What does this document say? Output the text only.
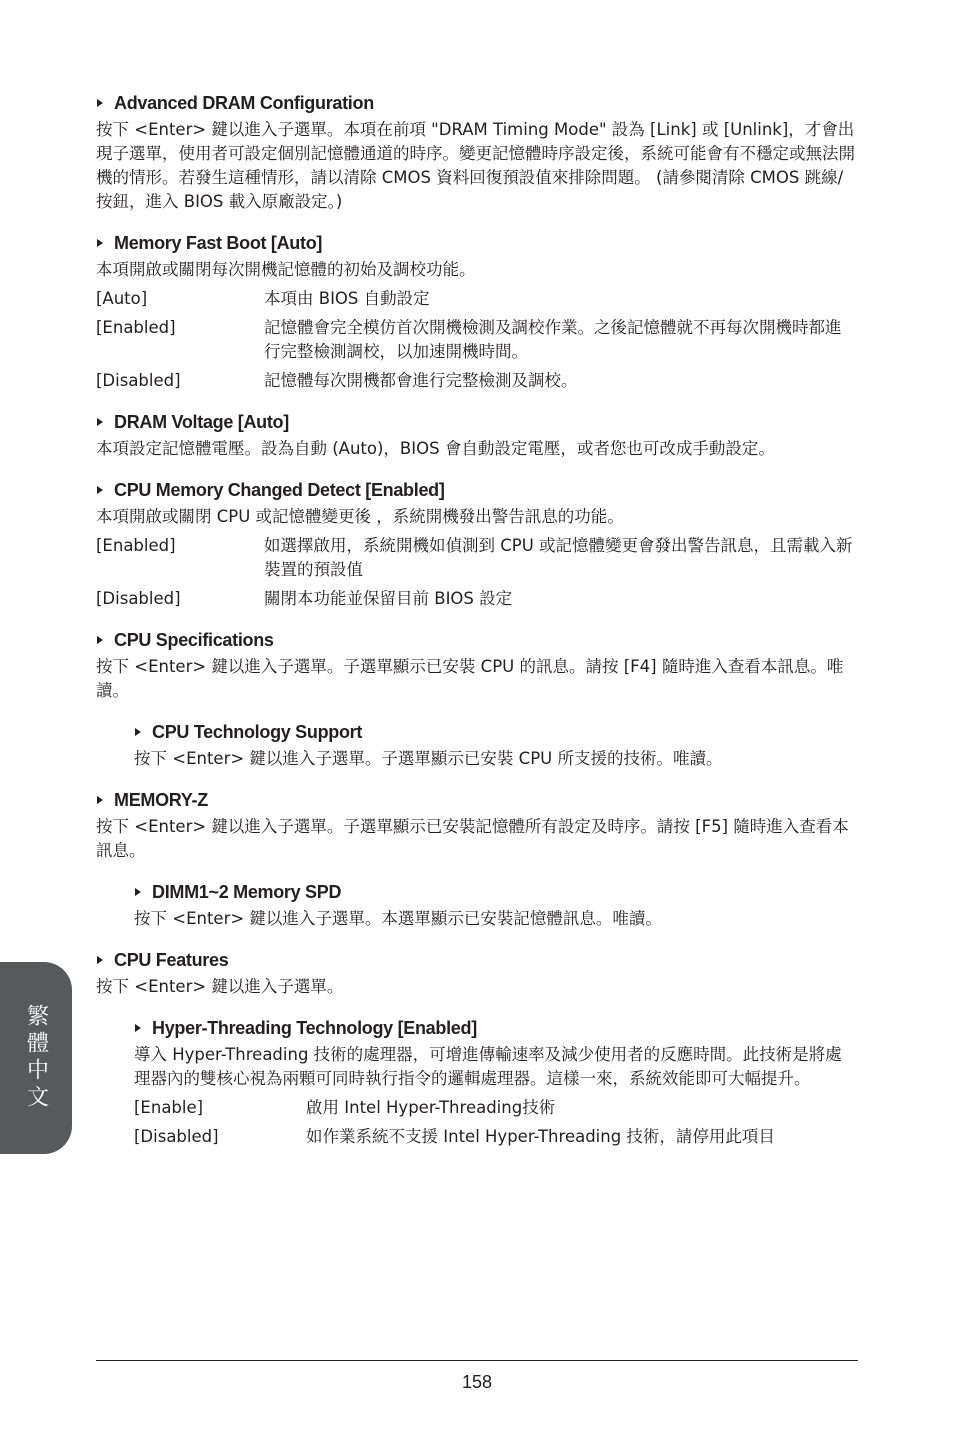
繁體中文
Advanced DRAM Configuration
按下 <Enter> 鍵以進入子選單。本項在前項 "DRAM Timing Mode" 設為 [Link] 或 [Unlink]，才會出現子選單，使用者可設定個別記憶體通道的時序。變更記憶體時序設定後，系統可能會有不穩定或無法開機的情形。若發生這種情形，請以清除 CMOS 資料回復預設值來排除問題。 (請參閱清除 CMOS 跳線/ 按鈕，進入 BIOS 載入原廠設定。)
Memory Fast Boot [Auto]
本項開啟或關閉每次開機記憶體的初始及調校功能。
[Auto]	本項由 BIOS 自動設定
[Enabled]	記憶體會完全模仿首次開機檢測及調校作業。之後記憶體就不再每次開機時都進行完整檢測調校，以加速開機時間。
[Disabled]	記憶體每次開機都會進行完整檢測及調校。
DRAM Voltage [Auto]
本項設定記憶體電壓。設為自動 (Auto)，BIOS 會自動設定電壓，或者您也可改成手動設定。
CPU Memory Changed Detect [Enabled]
本項開啟或關閉 CPU 或記憶體變更後 ，系統開機發出警告訊息的功能。
[Enabled]	如選擇啟用，系統開機如偵測到 CPU 或記憶體變更會發出警告訊息，且需載入新裝置的預設值
[Disabled]	關閉本功能並保留目前 BIOS 設定
CPU Specifications
按下 <Enter> 鍵以進入子選單。子選單顯示已安裝 CPU 的訊息。請按 [F4] 隨時進入查看本訊息。唯讀。
CPU Technology Support
按下 <Enter> 鍵以進入子選單。子選單顯示已安裝 CPU 所支援的技術。唯讀。
MEMORY-Z
按下 <Enter> 鍵以進入子選單。子選單顯示已安裝記憶體所有設定及時序。請按 [F5] 隨時進入查看本訊息。
DIMM1~2 Memory SPD
按下 <Enter> 鍵以進入子選單。本選單顯示已安裝記憶體訊息。唯讀。
CPU Features
按下 <Enter> 鍵以進入子選單。
Hyper-Threading Technology [Enabled]
導入 Hyper-Threading 技術的處理器，可增進傳輸速率及減少使用者的反應時間。此技術是將處理器內的雙核心視為兩顆可同時執行指令的邏輯處理器。這樣一來，系統效能即可大幅提升。
[Enable]	啟用 Intel Hyper-Threading技術
[Disabled]	如作業系統不支援 Intel Hyper-Threading 技術，請停用此項目
158
